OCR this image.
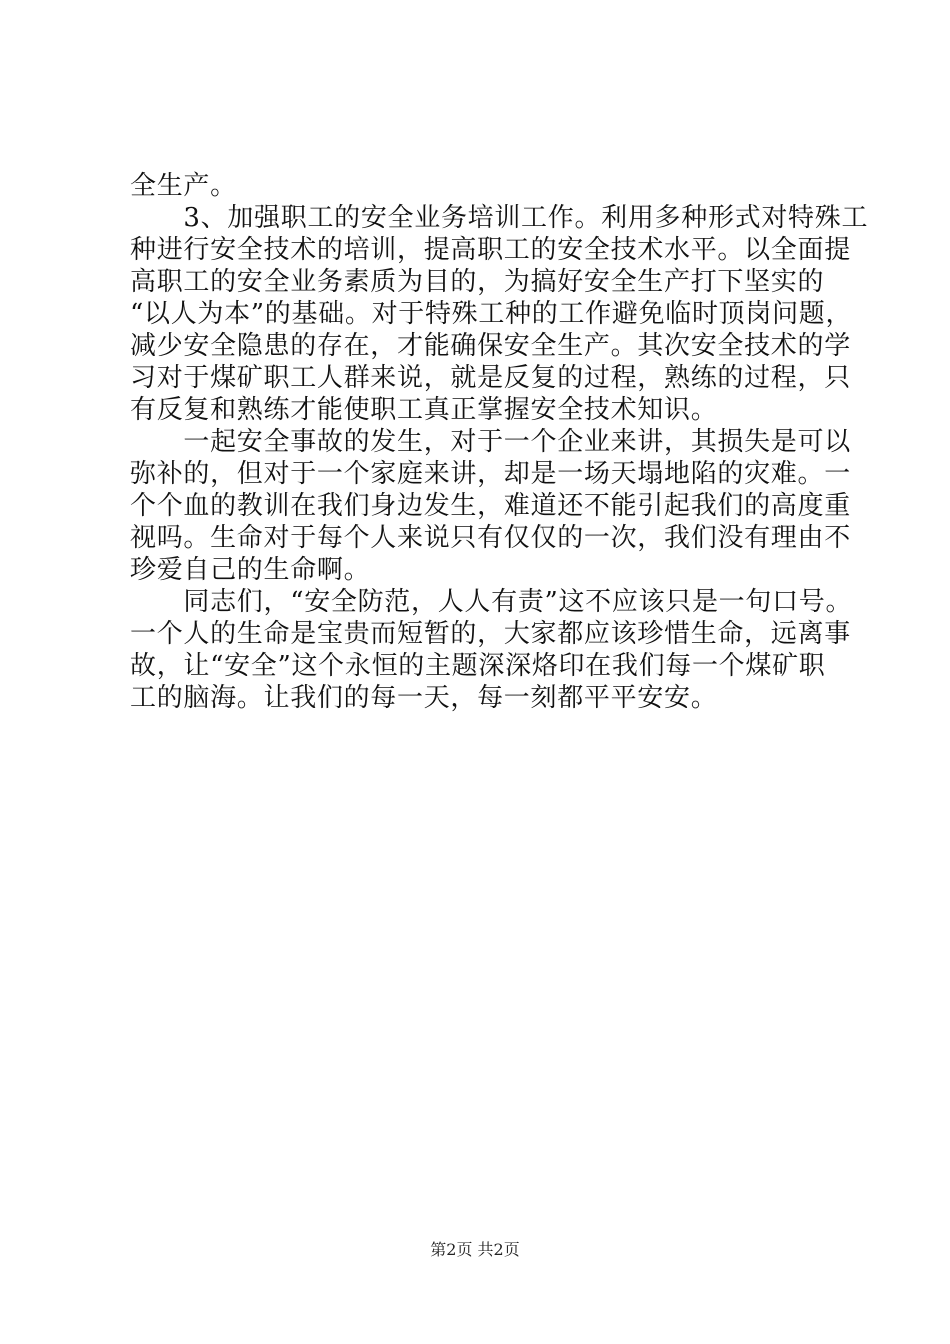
全生产。
　　3、加强职工的安全业务培训工作。利用多种形式对特殊工
种进行安全技术的培训，提高职工的安全技术水平。以全面提
高职工的安全业务素质为目的，为搞好安全生产打下坚实的
“以人为本”的基础。对于特殊工种的工作避免临时顶岗问题，
减少安全隐患的存在，才能确保安全生产。其次安全技术的学
习对于煤矿职工人群来说，就是反复的过程，熟练的过程，只
有反复和熟练才能使职工真正掌握安全技术知识。
　　一起安全事故的发生，对于一个企业来讲，其损失是可以
弥补的，但对于一个家庭来讲，却是一场天塌地陷的灾难。一
个个血的教训在我们身边发生，难道还不能引起我们的高度重
视吗。生命对于每个人来说只有仅仅的一次，我们没有理由不
珍爱自己的生命啊。
　　同志们，“安全防范，人人有责”这不应该只是一句口号。
一个人的生命是宝贵而短暂的，大家都应该珍惜生命，远离事
故，让“安全”这个永恒的主题深深烙印在我们每一个煤矿职
工的脑海。让我们的每一天，每一刻都平平安安。
第2页 共2页
